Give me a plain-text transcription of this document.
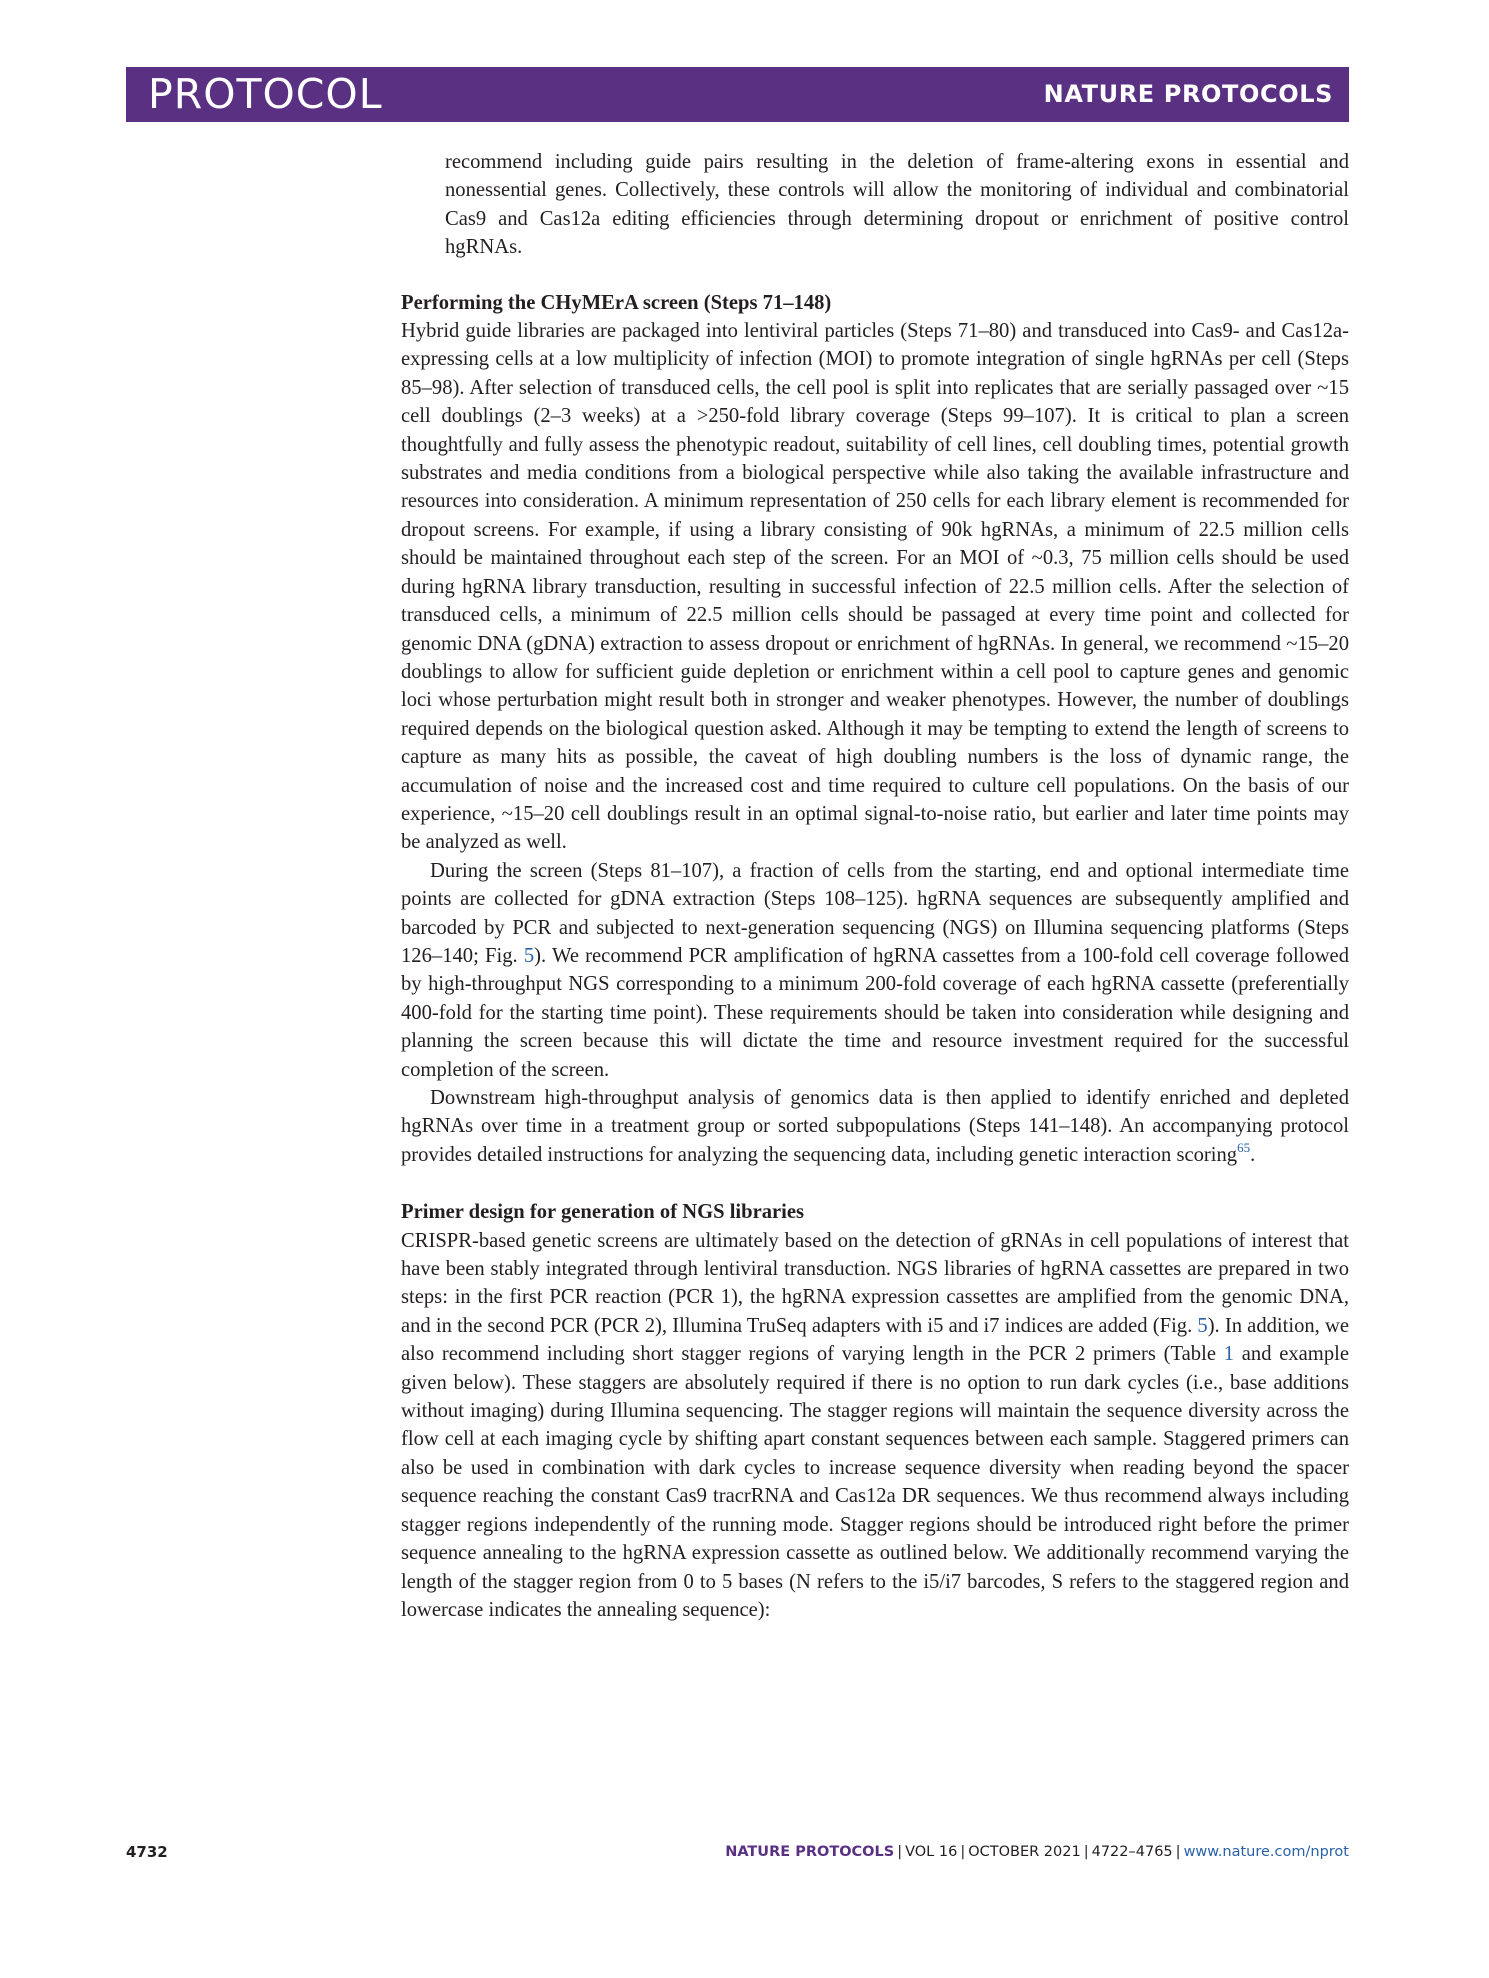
PROTOCOL	NATURE PROTOCOLS

recommend including guide pairs resulting in the deletion of frame-altering exons in essential and nonessential genes. Collectively, these controls will allow the monitoring of individual and combinatorial Cas9 and Cas12a editing efficiencies through determining dropout or enrichment of positive control hgRNAs.

Performing the CHyMErA screen (Steps 71–148)

Hybrid guide libraries are packaged into lentiviral particles (Steps 71–80) and transduced into Cas9- and Cas12a-expressing cells at a low multiplicity of infection (MOI) to promote integration of single hgRNAs per cell (Steps 85–98). After selection of transduced cells, the cell pool is split into replicates that are serially passaged over ~15 cell doublings (2–3 weeks) at a >250-fold library coverage (Steps 99–107). It is critical to plan a screen thoughtfully and fully assess the phenotypic readout, suitability of cell lines, cell doubling times, potential growth substrates and media conditions from a biological perspective while also taking the available infrastructure and resources into consideration. A minimum representation of 250 cells for each library element is recommended for dropout screens. For example, if using a library consisting of 90k hgRNAs, a minimum of 22.5 million cells should be maintained throughout each step of the screen. For an MOI of ~0.3, 75 million cells should be used during hgRNA library transduction, resulting in successful infection of 22.5 million cells. After the selection of transduced cells, a minimum of 22.5 million cells should be passaged at every time point and collected for genomic DNA (gDNA) extraction to assess dropout or enrichment of hgRNAs. In general, we recommend ~15–20 doublings to allow for sufficient guide depletion or enrichment within a cell pool to capture genes and genomic loci whose perturbation might result both in stronger and weaker phenotypes. However, the number of doublings required depends on the biological question asked. Although it may be tempting to extend the length of screens to capture as many hits as possible, the caveat of high doubling numbers is the loss of dynamic range, the accumulation of noise and the increased cost and time required to culture cell populations. On the basis of our experience, ~15–20 cell doublings result in an optimal signal-to-noise ratio, but earlier and later time points may be analyzed as well.

During the screen (Steps 81–107), a fraction of cells from the starting, end and optional intermediate time points are collected for gDNA extraction (Steps 108–125). hgRNA sequences are subsequently amplified and barcoded by PCR and subjected to next-generation sequencing (NGS) on Illumina sequencing platforms (Steps 126–140; Fig. 5). We recommend PCR amplification of hgRNA cassettes from a 100-fold cell coverage followed by high-throughput NGS corresponding to a minimum 200-fold coverage of each hgRNA cassette (preferentially 400-fold for the starting time point). These requirements should be taken into consideration while designing and planning the screen because this will dictate the time and resource investment required for the successful completion of the screen.

Downstream high-throughput analysis of genomics data is then applied to identify enriched and depleted hgRNAs over time in a treatment group or sorted subpopulations (Steps 141–148). An accompanying protocol provides detailed instructions for analyzing the sequencing data, including genetic interaction scoring$^{65}$.

Primer design for generation of NGS libraries

CRISPR-based genetic screens are ultimately based on the detection of gRNAs in cell populations of interest that have been stably integrated through lentiviral transduction. NGS libraries of hgRNA cassettes are prepared in two steps: in the first PCR reaction (PCR 1), the hgRNA expression cassettes are amplified from the genomic DNA, and in the second PCR (PCR 2), Illumina TruSeq adapters with i5 and i7 indices are added (Fig. 5). In addition, we also recommend including short stagger regions of varying length in the PCR 2 primers (Table 1 and example given below). These staggers are absolutely required if there is no option to run dark cycles (i.e., base additions without imaging) during Illumina sequencing. The stagger regions will maintain the sequence diversity across the flow cell at each imaging cycle by shifting apart constant sequences between each sample. Staggered primers can also be used in combination with dark cycles to increase sequence diversity when reading beyond the spacer sequence reaching the constant Cas9 tracrRNA and Cas12a DR sequences. We thus recommend always including stagger regions independently of the running mode. Stagger regions should be introduced right before the primer sequence annealing to the hgRNA expression cassette as outlined below. We additionally recommend varying the length of the stagger region from 0 to 5 bases (N refers to the i5/i7 barcodes, S refers to the staggered region and lowercase indicates the annealing sequence):

4732	NATURE PROTOCOLS | VOL 16 | OCTOBER 2021 | 4722–4765 | www.nature.com/nprot
